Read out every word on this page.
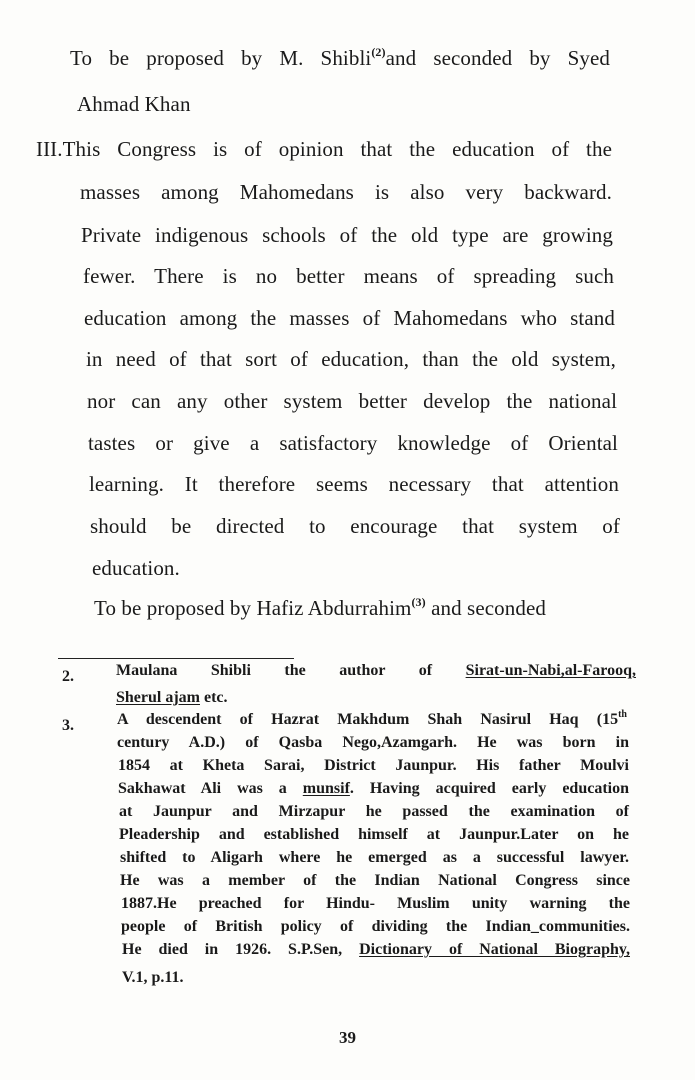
To be proposed by M. Shibli$^{(2)}$and seconded by Syed
Ahmad Khan
III.This Congress is of opinion that the education of the
masses among Mahomedans is also very backward.
Private indigenous schools of the old type are growing
fewer. There is no better means of spreading such
education among the masses of Mahomedans who stand
in need of that sort of education, than the old system,
nor can any other system better develop the national
tastes or give a satisfactory knowledge of Oriental
learning. It therefore seems necessary that attention
should be directed to encourage that system of
education.
To be proposed by Hafiz Abdurrahim$^{(3)}$ and seconded
2.	Maulana Shibli the author of Sirat-un-Nabi,al-Farooq,
Sherul ajam etc.
3.	A descendent of Hazrat Makhdum Shah Nasirul Haq (15th
century A.D.) of Qasba Nego,Azamgarh. He was born in
1854 at Kheta Sarai, District Jaunpur. His father Moulvi
Sakhawat Ali was a munsif. Having acquired early education
at Jaunpur and Mirzapur he passed the examination of
Pleadership and established himself at Jaunpur.Later on he
shifted to Aligarh where he emerged as a successful lawyer.
He was a member of the Indian National Congress since
1887.He preached for Hindu- Muslim unity warning the
people of British policy of dividing the Indian_communities.
He died in 1926. S.P.Sen, Dictionary of National Biography,
V.1, p.11.
39
